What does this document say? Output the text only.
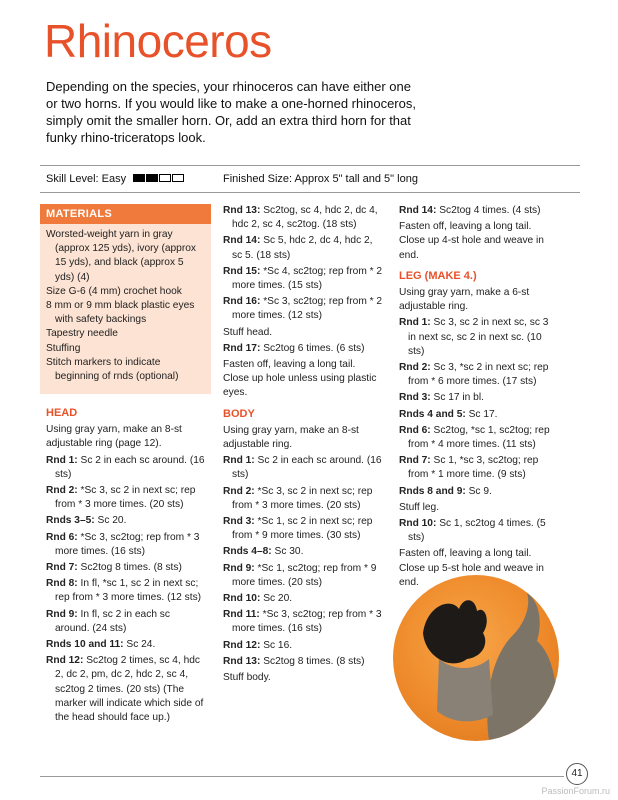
Rhinoceros
Depending on the species, your rhinoceros can have either one or two horns. If you would like to make a one-horned rhinoceros, simply omit the smaller horn. Or, add an extra third horn for that funky rhino-triceratops look.
Skill Level: Easy	Finished Size: Approx 5" tall and 5" long
MATERIALS

Worsted-weight yarn in gray (approx 125 yds), ivory (approx 15 yds), and black (approx 5 yds) (4)

Size G-6 (4 mm) crochet hook

8 mm or 9 mm black plastic eyes with safety backings

Tapestry needle

Stuffing

Stitch markers to indicate beginning of rnds (optional)

HEAD

Using gray yarn, make an 8-st adjustable ring (page 12).

Rnd 1: Sc 2 in each sc around. (16 sts)

Rnd 2: *Sc 3, sc 2 in next sc; rep from * 3 more times. (20 sts)

Rnds 3–5: Sc 20.

Rnd 6: *Sc 3, sc2tog; rep from * 3 more times. (16 sts)

Rnd 7: Sc2tog 8 times. (8 sts)

Rnd 8: In fl, *sc 1, sc 2 in next sc; rep from * 3 more times. (12 sts)

Rnd 9: In fl, sc 2 in each sc around. (24 sts)

Rnds 10 and 11: Sc 24.

Rnd 12: Sc2tog 2 times, sc 4, hdc 2, dc 2, pm, dc 2, hdc 2, sc 4, sc2tog 2 times. (20 sts) (The marker will indicate which side of the head should face up.)

Rnd 13: Sc2tog, sc 4, hdc 2, dc 4, hdc 2, sc 4, sc2tog. (18 sts)

Rnd 14: Sc 5, hdc 2, dc 4, hdc 2, sc 5. (18 sts)

Rnd 15: *Sc 4, sc2tog; rep from * 2 more times. (15 sts)

Rnd 16: *Sc 3, sc2tog; rep from * 2 more times. (12 sts)

Stuff head.

Rnd 17: Sc2tog 6 times. (6 sts)

Fasten off, leaving a long tail. Close up hole unless using plastic eyes.

BODY

Using gray yarn, make an 8-st adjustable ring.

Rnd 1: Sc 2 in each sc around. (16 sts)

Rnd 2: *Sc 3, sc 2 in next sc; rep from * 3 more times. (20 sts)

Rnd 3: *Sc 1, sc 2 in next sc; rep from * 9 more times. (30 sts)

Rnds 4–8: Sc 30.

Rnd 9: *Sc 1, sc2tog; rep from * 9 more times. (20 sts)

Rnd 10: Sc 20.

Rnd 11: *Sc 3, sc2tog; rep from * 3 more times. (16 sts)

Rnd 12: Sc 16.

Rnd 13: Sc2tog 8 times. (8 sts)

Stuff body.

Rnd 14: Sc2tog 4 times. (4 sts)

Fasten off, leaving a long tail. Close up 4-st hole and weave in end.

LEG (MAKE 4.)

Using gray yarn, make a 6-st adjustable ring.

Rnd 1: Sc 3, sc 2 in next sc, sc 3 in next sc, sc 2 in next sc. (10 sts)

Rnd 2: Sc 3, *sc 2 in next sc; rep from * 6 more times. (17 sts)

Rnd 3: Sc 17 in bl.

Rnds 4 and 5: Sc 17.

Rnd 6: Sc2tog, *sc 1, sc2tog; rep from * 4 more times. (11 sts)

Rnd 7: Sc 1, *sc 3, sc2tog; rep from * 1 more time. (9 sts)

Rnds 8 and 9: Sc 9.

Stuff leg.

Rnd 10: Sc 1, sc2tog 4 times. (5 sts)

Fasten off, leaving a long tail. Close up 5-st hole and weave in end.

41
PassionForum.ru
